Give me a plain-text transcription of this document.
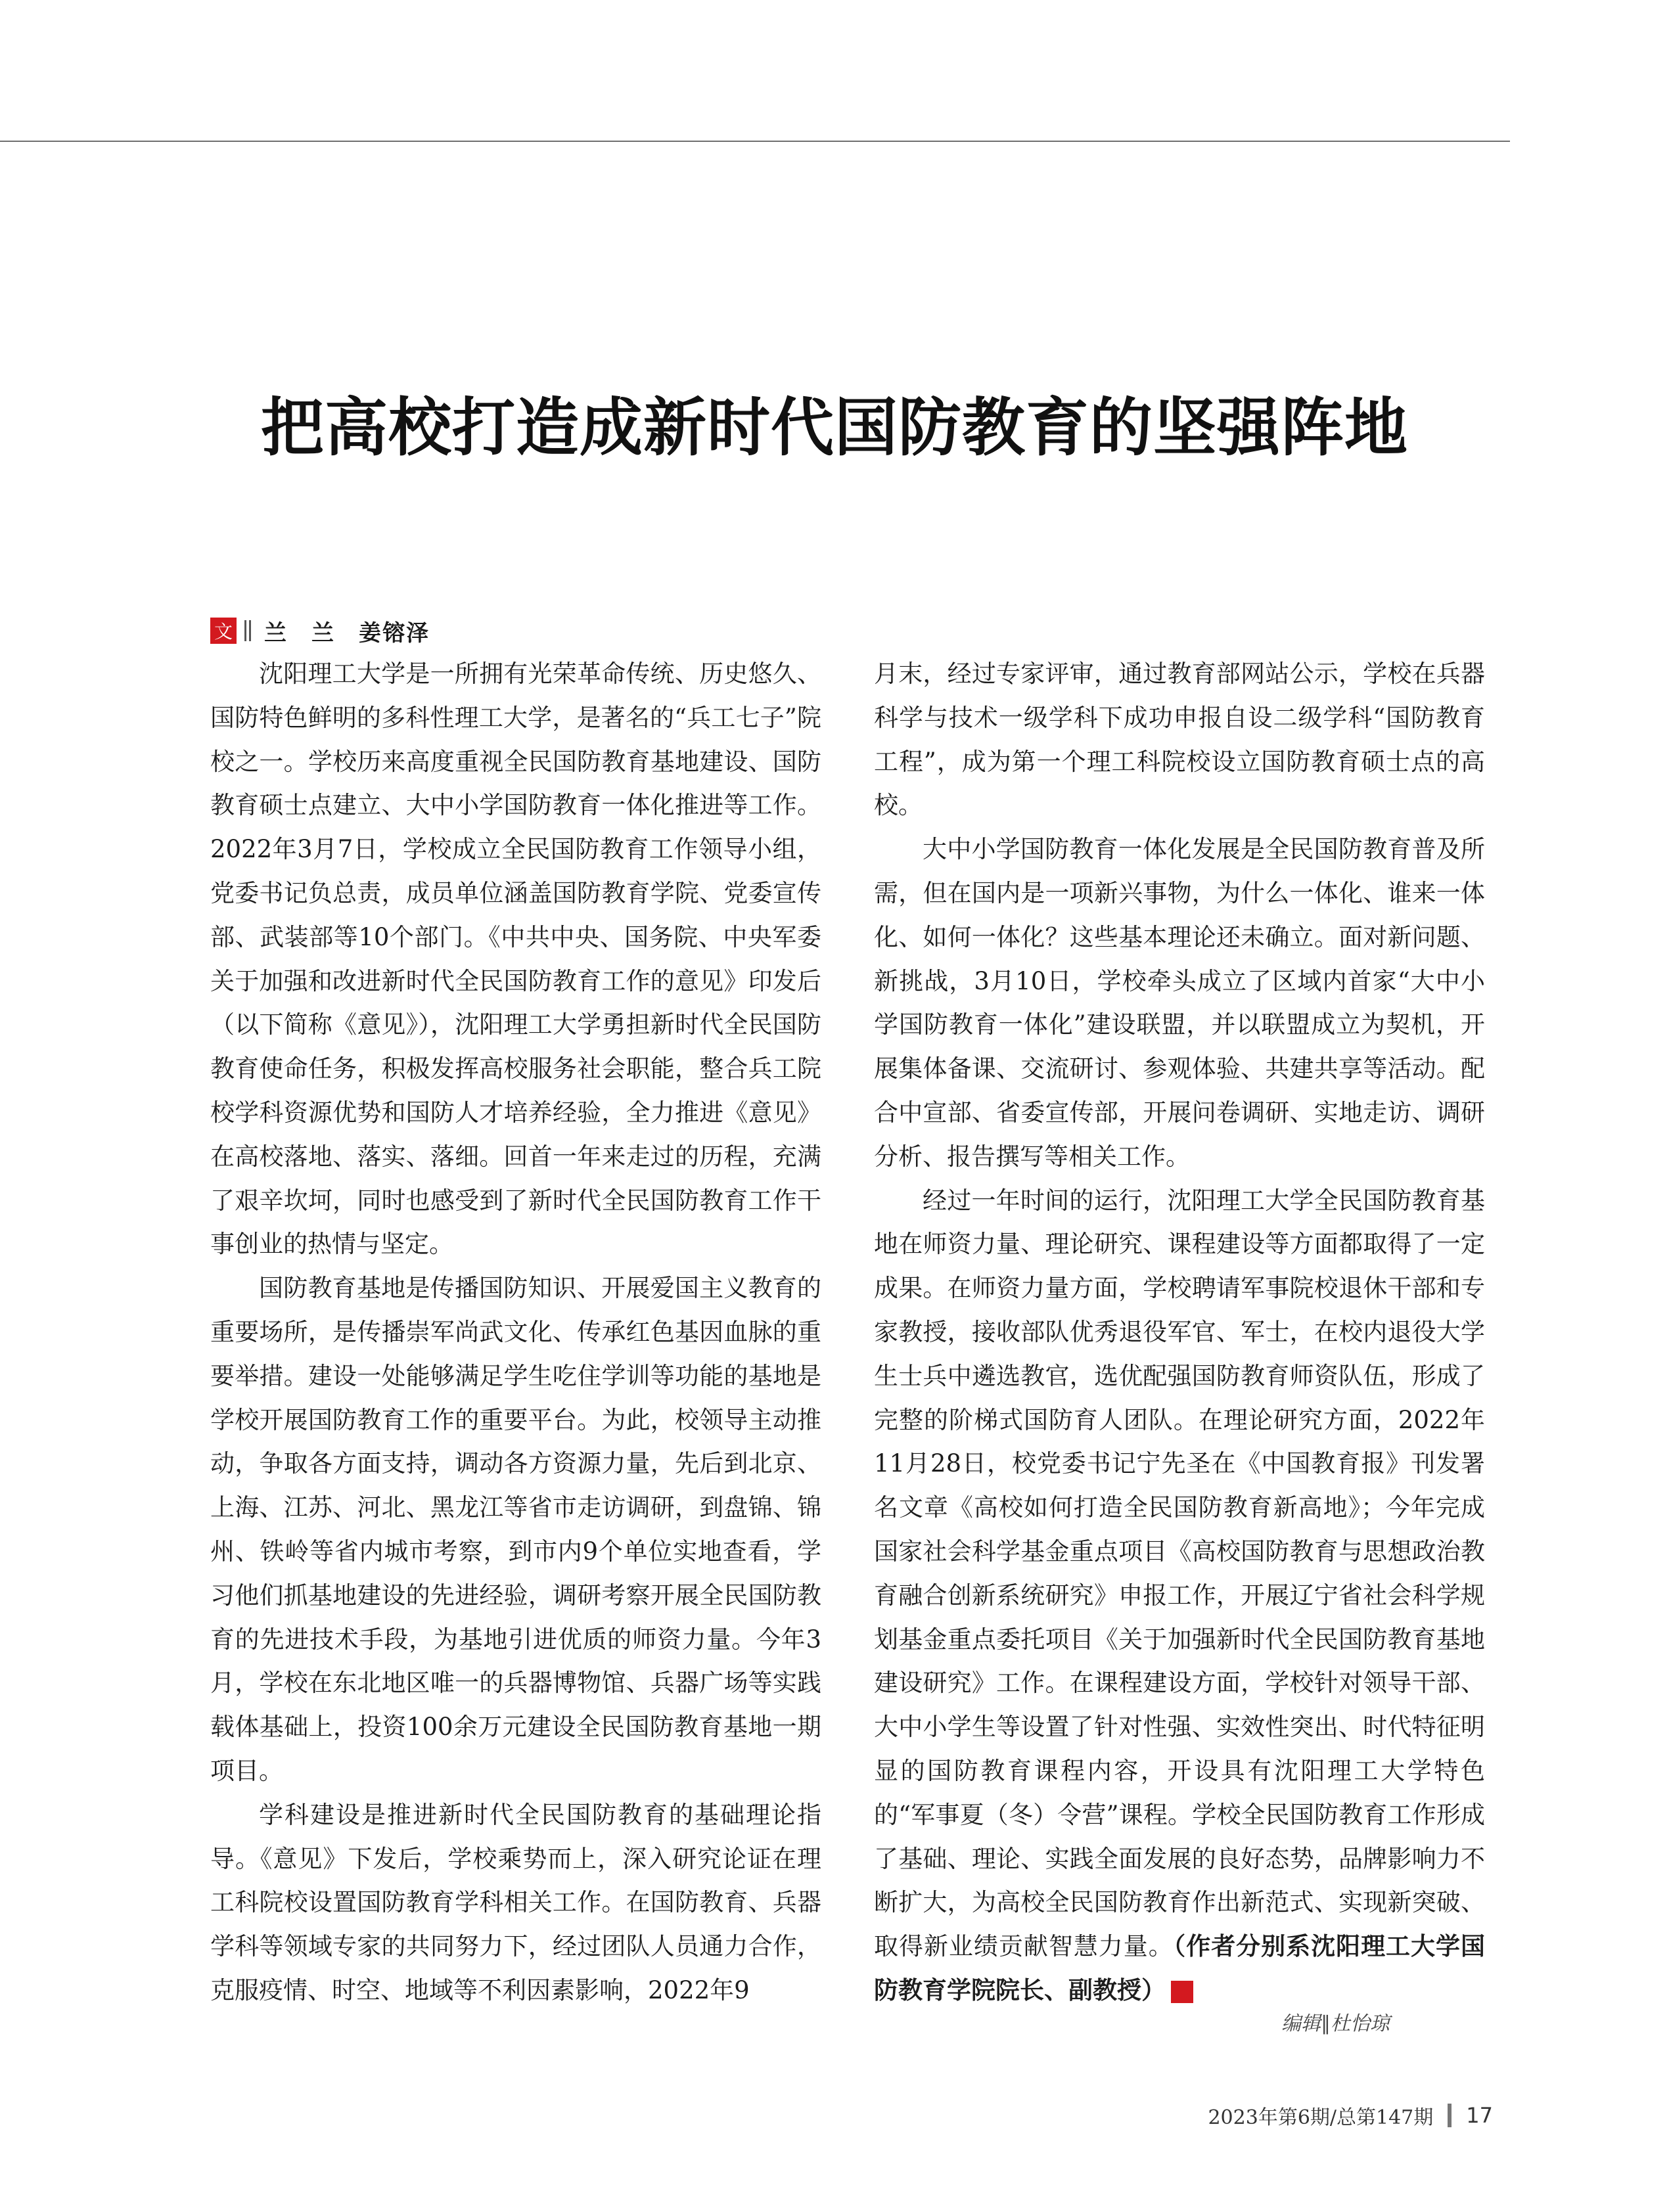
把高校打造成新时代国防教育的坚强阵地
文 兰　兰　姜镕泽

沈阳理工大学是一所拥有光荣革命传统、历史悠久、国防特色鲜明的多科性理工大学，是著名的“兵工七子”院校之一。学校历来高度重视全民国防教育基地建设、国防教育硕士点建立、大中小学国防教育一体化推进等工作。2022年3月7日，学校成立全民国防教育工作领导小组，党委书记负总责，成员单位涵盖国防教育学院、党委宣传部、武装部等10个部门。《中共中央、国务院、中央军委关于加强和改进新时代全民国防教育工作的意见》印发后（以下简称《意见》），沈阳理工大学勇担新时代全民国防教育使命任务，积极发挥高校服务社会职能，整合兵工院校学科资源优势和国防人才培养经验，全力推进《意见》在高校落地、落实、落细。回首一年来走过的历程，充满了艰辛坎坷，同时也感受到了新时代全民国防教育工作干事创业的热情与坚定。

国防教育基地是传播国防知识、开展爱国主义教育的重要场所，是传播崇军尚武文化、传承红色基因血脉的重要举措。建设一处能够满足学生吃住学训等功能的基地是学校开展国防教育工作的重要平台。为此，校领导主动推动，争取各方面支持，调动各方资源力量，先后到北京、上海、江苏、河北、黑龙江等省市走访调研，到盘锦、锦州、铁岭等省内城市考察，到市内9个单位实地查看，学习他们抓基地建设的先进经验，调研考察开展全民国防教育的先进技术手段，为基地引进优质的师资力量。今年3月，学校在东北地区唯一的兵器博物馆、兵器广场等实践载体基础上，投资100余万元建设全民国防教育基地一期项目。

学科建设是推进新时代全民国防教育的基础理论指导。《意见》下发后，学校乘势而上，深入研究论证在理工科院校设置国防教育学科相关工作。在国防教育、兵器学科等领域专家的共同努力下，经过团队人员通力合作，克服疫情、时空、地域等不利因素影响，2022年9

月末，经过专家评审，通过教育部网站公示，学校在兵器科学与技术一级学科下成功申报自设二级学科“国防教育工程”，成为第一个理工科院校设立国防教育硕士点的高校。

大中小学国防教育一体化发展是全民国防教育普及所需，但在国内是一项新兴事物，为什么一体化、谁来一体化、如何一体化？这些基本理论还未确立。面对新问题、新挑战，3月10日，学校牵头成立了区域内首家“大中小学国防教育一体化”建设联盟，并以联盟成立为契机，开展集体备课、交流研讨、参观体验、共建共享等活动。配合中宣部、省委宣传部，开展问卷调研、实地走访、调研分析、报告撰写等相关工作。

经过一年时间的运行，沈阳理工大学全民国防教育基地在师资力量、理论研究、课程建设等方面都取得了一定成果。在师资力量方面，学校聘请军事院校退休干部和专家教授，接收部队优秀退役军官、军士，在校内退役大学生士兵中遴选教官，选优配强国防教育师资队伍，形成了完整的阶梯式国防育人团队。在理论研究方面，2022年11月28日，校党委书记宁先圣在《中国教育报》刊发署名文章《高校如何打造全民国防教育新高地》；今年完成国家社会科学基金重点项目《高校国防教育与思想政治教育融合创新系统研究》申报工作，开展辽宁省社会科学规划基金重点委托项目《关于加强新时代全民国防教育基地建设研究》工作。在课程建设方面，学校针对领导干部、大中小学生等设置了针对性强、实效性突出、时代特征明显的国防教育课程内容，开设具有沈阳理工大学特色的“军事夏（冬）令营”课程。学校全民国防教育工作形成了基础、理论、实践全面发展的良好态势，品牌影响力不断扩大，为高校全民国防教育作出新范式、实现新突破、取得新业绩贡献智慧力量。（作者分别系沈阳理工大学国防教育学院院长、副教授）	G

编辑∥杜怡琼
2023年第6期/总第147期 17
